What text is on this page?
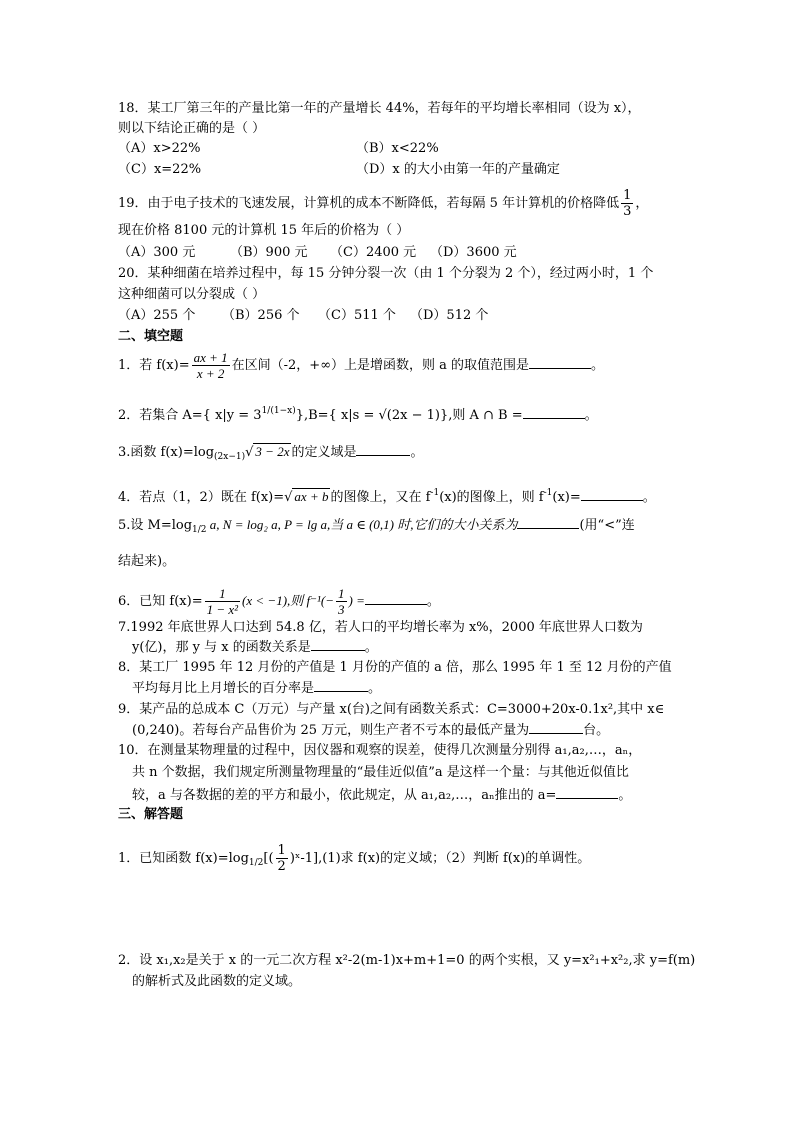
18．某工厂第三年的产量比第一年的产量增长 44%，若每年的平均增长率相同（设为 x），
则以下结论正确的是（ ）
（A）x>22%	（B）x<22%
（C）x=22%	（D）x 的大小由第一年的产量确定
19．由于电子技术的飞速发展，计算机的成本不断降低，若每隔 5 年计算机的价格降低 $\frac{1}{3}$ ，
现在价格 8100 元的计算机 15 年后的价格为（ ）
（A）300 元	（B）900 元 （C）2400 元 （D）3600 元
20．某种细菌在培养过程中，每 15 分钟分裂一次（由 1 个分裂为 2 个），经过两小时，1 个
这种细菌可以分裂成（ ）
（A）255 个 （B）256 个 （C）511 个 （D）512 个
二、填空题
1．若 $f(x)= \frac{ax + 1}{x + 2}$ 在区间（-2，+∞）上是增函数，则 a 的取值范围是	。
2．若集合 A={ $x|y = 3^{1/(1-x)}\},B=${ x|s = √(2x − 1)},则 A ∩ B =	。
3.函数 $f(x)=\log_{(2x-1)}√$ 3 − 2x 的定义域是	。
4．若点（1，2）既在 f(x)=√ ax + b 的图像上，又在 $f^{-1}(x)$的图像上，则 $f^{-1}(x)=$	。
5.设 $M=\log_{1/2}$ a, N = log₂ a, P = lg a,当 a ∈ (0,1) 时,它们的大小关系为	(用“<”连
结起来)。
6．已知 $f(x)= \frac{1}{\text{1 − x²}} (x < -1)$,则 $f^{-1}(- \frac{1}{3}$ ) =	。
7.1992 年底世界人口达到 54.8 亿，若人口的平均增长率为 x%，2000 年底世界人口数为
y(亿)，那 y 与 x 的函数关系是	。
8．某工厂 1995 年 12 月份的产值是 1 月份的产值的 a 倍，那么 1995 年 1 至 12 月份的产值
平均每月比上月增长的百分率是	。
9．某产品的总成本 C（万元）与产量 x(台)之间有函数关系式：C=3000+20x-0.1x²,其中 x∈
(0,240)。若每台产品售价为 25 万元，则生产者不亏本的最低产量为	台。
10．在测量某物理量的过程中，因仪器和观察的误差，使得几次测量分别得 a₁,a₂,…，aₙ，
共 n 个数据，我们规定所测量物理量的“最佳近似值”a 是这样一个量：与其他近似值比
较，a 与各数据的差的平方和最小，依此规定，从 a₁,a₂,…，aₙ推出的 a=	。
三、解答题
1．已知函数 $f(x)=\log_{1/2}[( \frac{1}{2}$ )ˣ-1],(1)求 f(x)的定义域；（2）判断 f(x)的单调性。
2．设 x₁,x₂是关于 x 的一元二次方程 x²-2(m-1)x+m+1=0 的两个实根，又 y=x²₁+x²₂,求 y=f(m)
的解析式及此函数的定义域。
